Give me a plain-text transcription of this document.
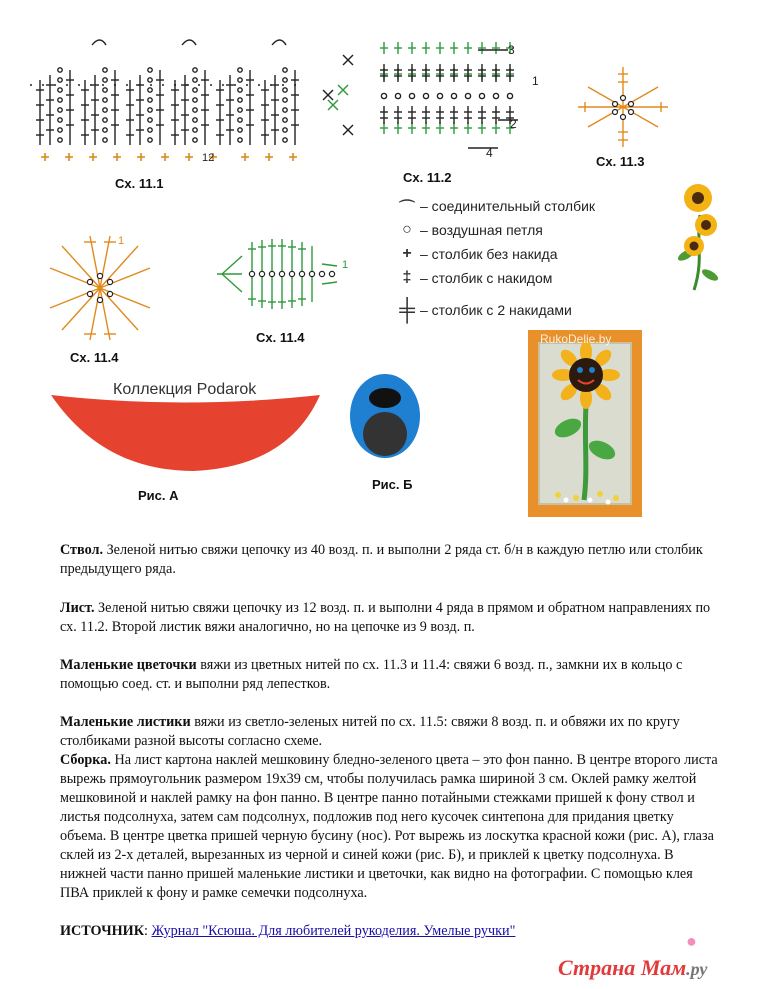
12
Сх. 11.1
3
1
2
4
Сх. 11.2
Сх. 11.3
⌒ – соединительный столбик
○ – воздушная петля
+ – столбик без накида
‡ – столбик с накидом
╪ – столбик с 2 накидами
1
Сх. 11.4
1
Сх. 11.4
Коллекция Podarok
Рис. А
Рис. Б
RukoDelie.by
Ствол. Зеленой нитью свяжи цепочку из 40 возд. п. и выполни 2 ряда ст. б/н в каждую петлю или столбик предыдущего ряда.
Лист. Зеленой нитью свяжи цепочку из 12 возд. п. и выполни 4 ряда в прямом и обратном направлениях по сх. 11.2. Второй листик вяжи аналогично, но на цепочке из 9 возд. п.
Маленькие цветочки вяжи из цветных нитей по сх. 11.3 и 11.4: свяжи 6 возд. п., замкни их в кольцо с помощью соед. ст. и выполни ряд лепестков.
Маленькие листики вяжи из светло-зеленых нитей по сх. 11.5: свяжи 8 возд. п. и обвяжи их по кругу столбиками разной высоты согласно схеме.
Сборка. На лист картона наклей мешковину бледно-зеленого цвета – это фон панно. В центре второго листа вырежь прямоугольник размером 19х39 см, чтобы получилась рамка шириной 3 см. Оклей рамку желтой мешковиной и наклей рамку на фон панно. В центре панно потайными стежками пришей к фону ствол и листья подсолнуха, затем сам подсолнух, подложив под него кусочек синтепона для придания цветку объема. В центре цветка пришей черную бусину (нос). Рот вырежь из лоскутка красной кожи (рис. А), глаза склей из 2-х деталей, вырезанных из черной и синей кожи (рис. Б), и приклей к цветку подсолнуха. В нижней части панно пришей маленькие листики и цветочки, как видно на фотографии. С помощью клея ПВА приклей к фону и рамке семечки подсолнуха.
ИСТОЧНИК: Журнал "Ксюша. Для любителей рукоделия. Умелые ручки"	●
Страна Мам.ру
